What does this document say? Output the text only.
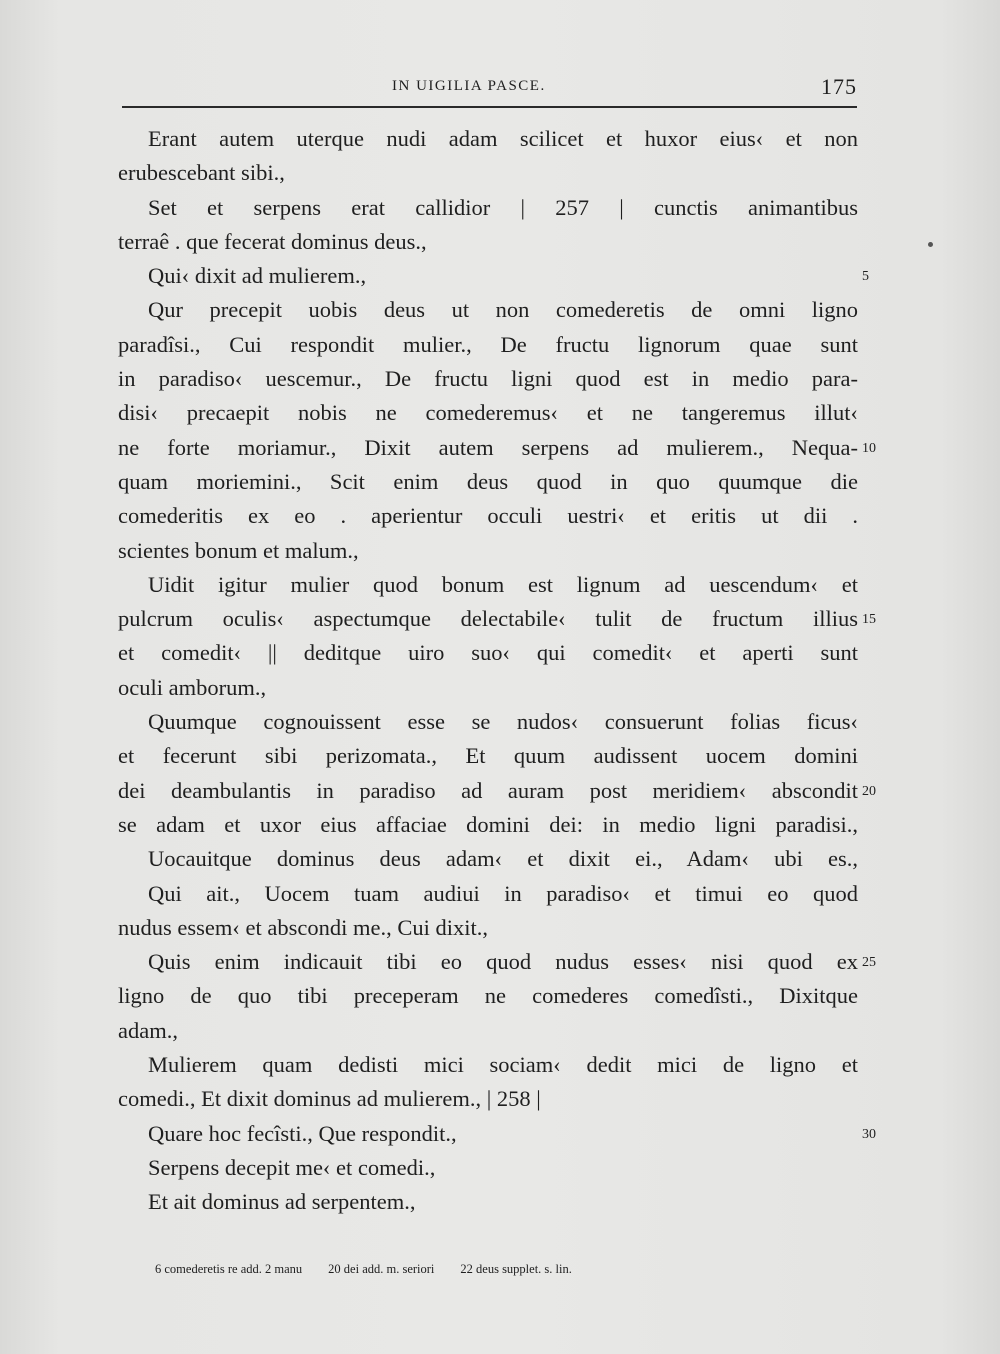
IN UIGILIA PASCE.	175
Erant autem uterque nudi adam scilicet et huxor eius‹ et non
erubescebant sibi.,
Set et serpens erat callidior | 257 | cunctis animantibus
terraê . que fecerat dominus deus.,
Qui‹ dixit ad mulierem.,
Qur precepit uobis deus ut non comederetis de omni ligno
paradîsi., Cui respondit mulier., De fructu lignorum quae sunt
in paradiso‹ uescemur., De fructu ligni quod est in medio para-
disi‹ precaepit nobis ne comederemus‹ et ne tangeremus illut‹
ne forte moriamur., Dixit autem serpens ad mulierem., Nequa-
quam moriemini., Scit enim deus quod in quo quumque die
comederitis ex eo . aperientur occuli uestri‹ et eritis ut dii .
scientes bonum et malum.,
Uidit igitur mulier quod bonum est lignum ad uescendum‹ et
pulcrum oculis‹ aspectumque delectabile‹ tulit de fructum illius
et comedit‹ || deditque uiro suo‹ qui comedit‹ et aperti sunt
oculi amborum.,
Quumque cognouissent esse se nudos‹ consuerunt folias ficus‹
et fecerunt sibi perizomata., Et quum audissent uocem domini
dei deambulantis in paradiso ad auram post meridiem‹ abscondit
se adam et uxor eius affaciae domini dei: in medio ligni paradisi.,
Uocauitque dominus deus adam‹ et dixit ei., Adam‹ ubi es.,
Qui ait., Uocem tuam audiui in paradiso‹ et timui eo quod
nudus essem‹ et abscondi me., Cui dixit.,
Quis enim indicauit tibi eo quod nudus esses‹ nisi quod ex
ligno de quo tibi preceperam ne comederes comedîsti., Dixitque
adam.,
Mulierem quam dedisti mici sociam‹ dedit mici de ligno et
comedi., Et dixit dominus ad mulierem., | 258 |
Quare hoc fecîsti., Que respondit.,
Serpens decepit me‹ et comedi.,
Et ait dominus ad serpentem.,
5
10
15
20
25
30
6 comederetis re add. 2 manu 20 dei add. m. seriori 22 deus supplet. s. lin.
